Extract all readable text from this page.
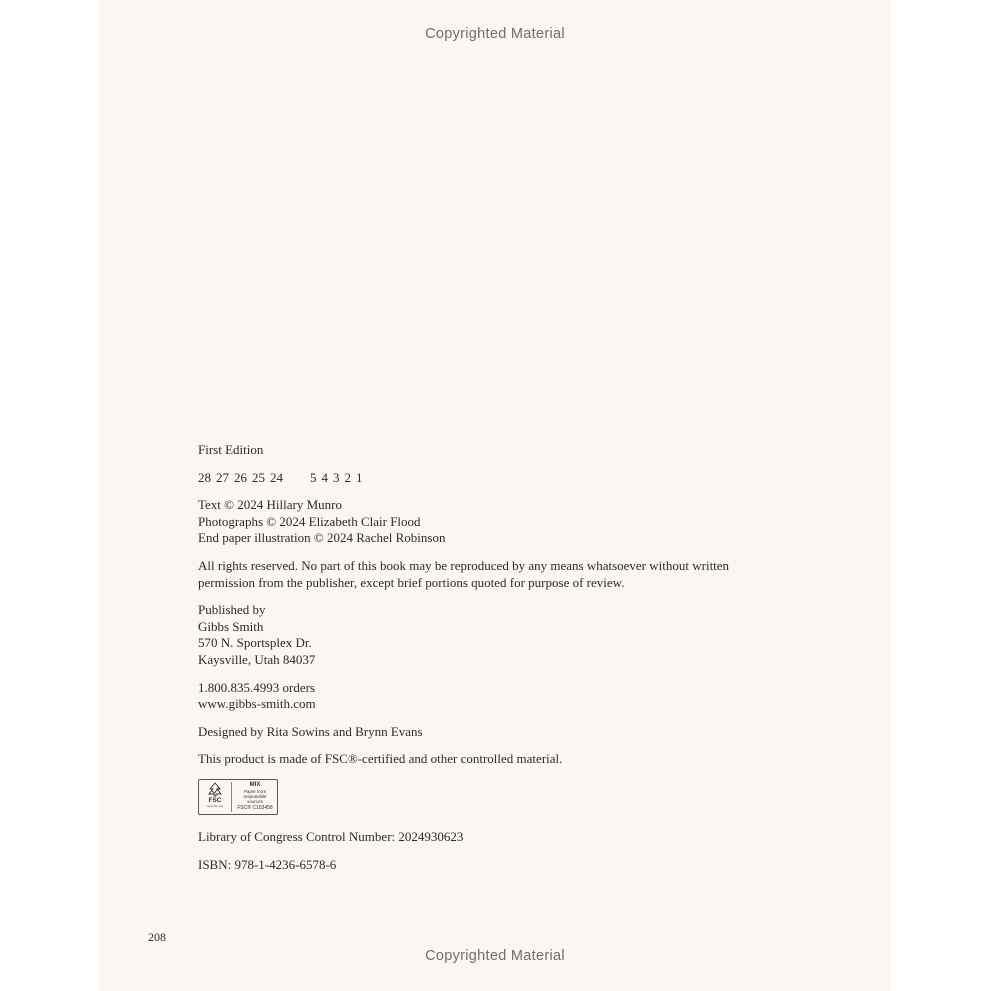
Copyrighted Material

First Edition

28 27 26 25 24 5 4 3 2 1

Text © 2024 Hillary Munro
Photographs © 2024 Elizabeth Clair Flood
End paper illustration © 2024 Rachel Robinson

All rights reserved. No part of this book may be reproduced by any means whatsoever without written
permission from the publisher, except brief portions quoted for purpose of review.

Published by
Gibbs Smith
570 N. Sportsplex Dr.
Kaysville, Utah 84037

1.800.835.4993 orders
www.gibbs-smith.com

Designed by Rita Sowins and Brynn Evans

This product is made of FSC®-certified and other controlled material.

FSC
www.fsc.org
MIX
Paper from
responsible sources
FSC® C153458

Library of Congress Control Number: 2024930623

ISBN: 978-1-4236-6578-6

208
Copyrighted Material
